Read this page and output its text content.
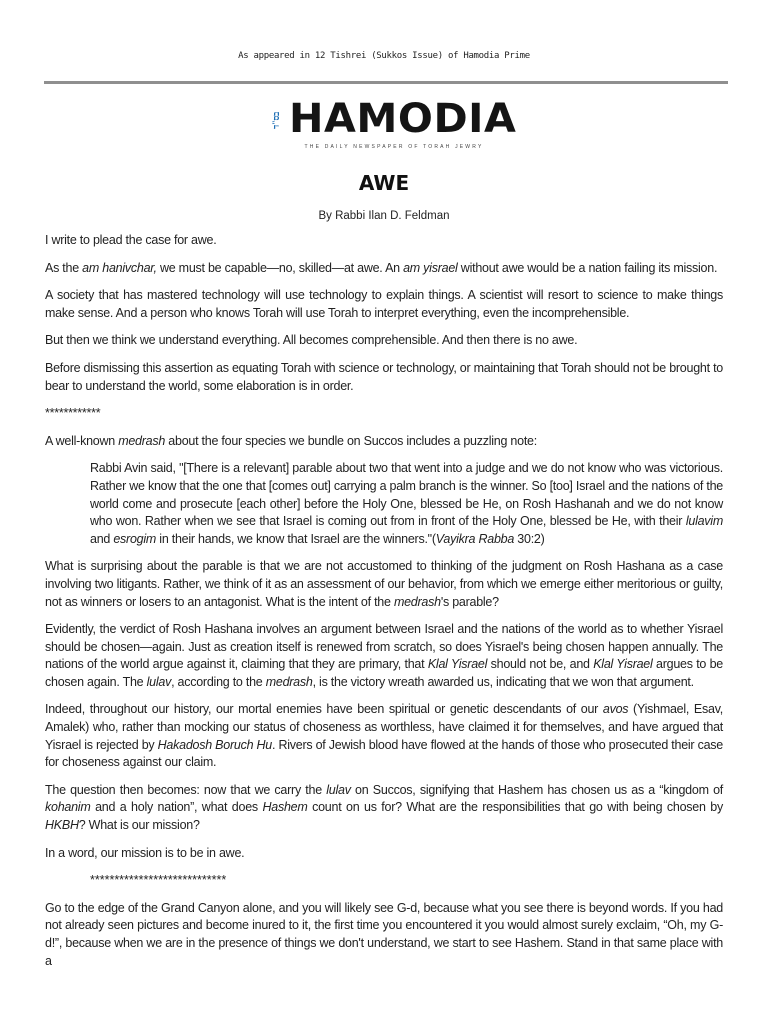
As appeared in 12 Tishrei (Sukkos Issue) of Hamodia Prime
בס"ד HAMODIA
THE DAILY NEWSPAPER OF TORAH JEWRY
AWE
By Rabbi Ilan D. Feldman

I write to plead the case for awe.

As the am hanivchar, we must be capable—no, skilled—at awe. An am yisrael without awe would be a nation failing its mission.

A society that has mastered technology will use technology to explain things. A scientist will resort to science to make things make sense. And a person who knows Torah will use Torah to interpret everything, even the incomprehensible.

But then we think we understand everything. All becomes comprehensible. And then there is no awe.

Before dismissing this assertion as equating Torah with science or technology, or maintaining that Torah should not be brought to bear to understand the world, some elaboration is in order.

************

A well-known medrash about the four species we bundle on Succos includes a puzzling note:

Rabbi Avin said, "[There is a relevant] parable about two that went into a judge and we do not know who was victorious. Rather we know that the one that [comes out] carrying a palm branch is the winner. So [too] Israel and the nations of the world come and prosecute [each other] before the Holy One, blessed be He, on Rosh Hashanah and we do not know who won. Rather when we see that Israel is coming out from in front of the Holy One, blessed be He, with their lulavim and esrogim in their hands, we know that Israel are the winners."(Vayikra Rabba 30:2)

What is surprising about the parable is that we are not accustomed to thinking of the judgment on Rosh Hashana as a case involving two litigants. Rather, we think of it as an assessment of our behavior, from which we emerge either meritorious or guilty, not as winners or losers to an antagonist. What is the intent of the medrash's parable?

Evidently, the verdict of Rosh Hashana involves an argument between Israel and the nations of the world as to whether Yisrael should be chosen—again. Just as creation itself is renewed from scratch, so does Yisrael's being chosen happen annually. The nations of the world argue against it, claiming that they are primary, that Klal Yisrael should not be, and Klal Yisrael argues to be chosen again. The lulav, according to the medrash, is the victory wreath awarded us, indicating that we won that argument.

Indeed, throughout our history, our mortal enemies have been spiritual or genetic descendants of our avos (Yishmael, Esav, Amalek) who, rather than mocking our status of choseness as worthless, have claimed it for themselves, and have argued that Yisrael is rejected by Hakadosh Boruch Hu. Rivers of Jewish blood have flowed at the hands of those who prosecuted their case for choseness against our claim.

The question then becomes: now that we carry the lulav on Succos, signifying that Hashem has chosen us as a “kingdom of kohanim and a holy nation”, what does Hashem count on us for? What are the responsibilities that go with being chosen by HKBH? What is our mission?

In a word, our mission is to be in awe.

****************************

Go to the edge of the Grand Canyon alone, and you will likely see G-d, because what you see there is beyond words. If you had not already seen pictures and become inured to it, the first time you encountered it you would almost surely exclaim, “Oh, my G-d!”, because when we are in the presence of things we don't understand, we start to see Hashem. Stand in that same place with a
